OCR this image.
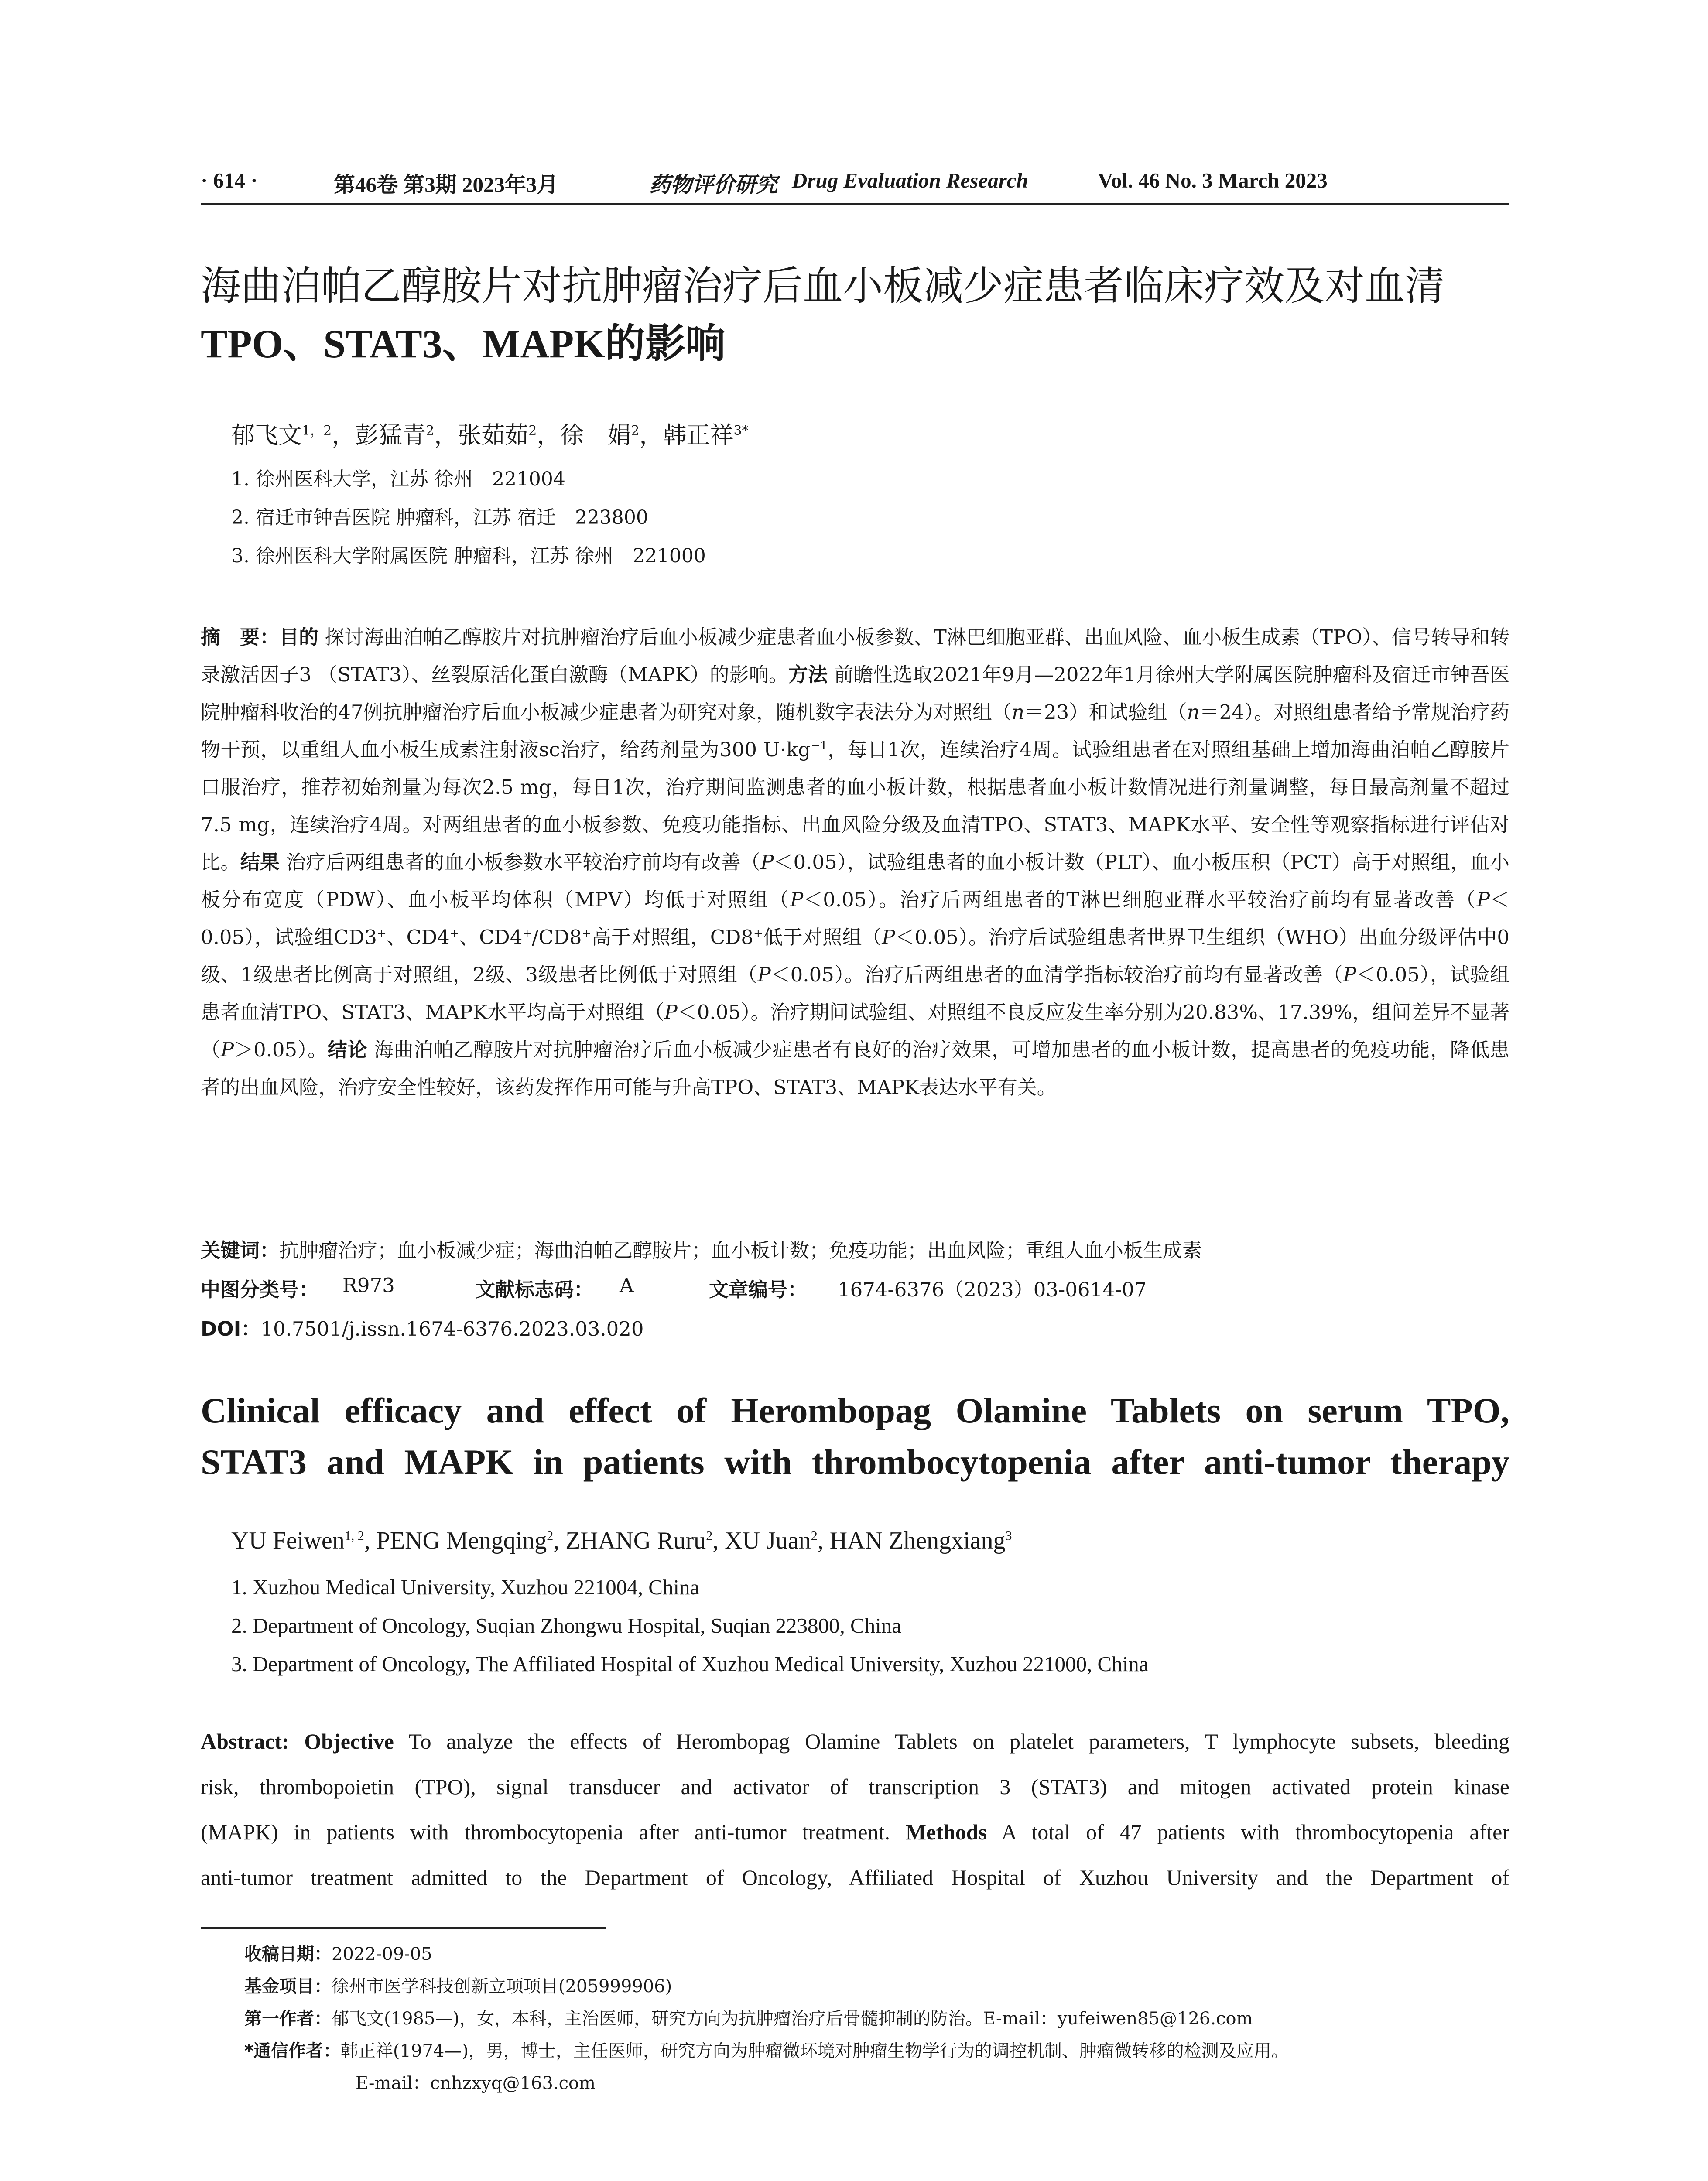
· 614 ·	第46卷 第3期 2023年3月	药物评价研究 Drug Evaluation Research	Vol. 46 No. 3 March 2023
海曲泊帕乙醇胺片对抗肿瘤治疗后血小板减少症患者临床疗效及对血清
TPO、STAT3、MAPK的影响
郁飞文$^{1,2}$，彭猛青$^2$，张茹茹$^2$，徐　娟$^2$，韩正祥$^{3*}$
1. 徐州医科大学，江苏 徐州　221004
2. 宿迁市钟吾医院 肿瘤科，江苏 宿迁　223800
3. 徐州医科大学附属医院 肿瘤科，江苏 徐州　221000

摘　要：目的 探讨海曲泊帕乙醇胺片对抗肿瘤治疗后血小板减少症患者血小板参数、T淋巴细胞亚群、出血风险、血小板生成素（TPO）、信号转导和转录激活因子3 （STAT3）、丝裂原活化蛋白激酶（MAPK）的影响。方法 前瞻性选取2021年9月—2022年1月徐州大学附属医院肿瘤科及宿迁市钟吾医院肿瘤科收治的47例抗肿瘤治疗后血小板减少症患者为研究对象，随机数字表法分为对照组（n＝23）和试验组（n＝24）。对照组患者给予常规治疗药物干预，以重组人血小板生成素注射液sc治疗，给药剂量为300 $U\cdot kg^{-1}$，每日1次，连续治疗4周。试验组患者在对照组基础上增加海曲泊帕乙醇胺片口服治疗，推荐初始剂量为每次2.5 mg，每日1次，治疗期间监测患者的血小板计数，根据患者血小板计数情况进行剂量调整，每日最高剂量不超过7.5 mg，连续治疗4周。对两组患者的血小板参数、免疫功能指标、出血风险分级及血清TPO、STAT3、MAPK水平、安全性等观察指标进行评估对比。结果 治疗后两组患者的血小板参数水平较治疗前均有改善（P＜0.05），试验组患者的血小板计数（PLT）、血小板压积（PCT）高于对照组，血小板分布宽度（PDW）、血小板平均体积（MPV）均低于对照组（P＜0.05）。治疗后两组患者的T淋巴细胞亚群水平较治疗前均有显著改善（P＜0.05），试验组CD3+、CD4+、CD4+/CD8+高于对照组，CD8+低于对照组（P＜0.05）。治疗后试验组患者世界卫生组织（WHO）出血分级评估中0级、1级患者比例高于对照组，2级、3级患者比例低于对照组（P＜0.05）。治疗后两组患者的血清学指标较治疗前均有显著改善（P＜0.05），试验组患者血清TPO、STAT3、MAPK水平均高于对照组（P＜0.05）。治疗期间试验组、对照组不良反应发生率分别为20.83%、17.39%，组间差异不显著（P＞0.05）。结论 海曲泊帕乙醇胺片对抗肿瘤治疗后血小板减少症患者有良好的治疗效果，可增加患者的血小板计数，提高患者的免疫功能，降低患者的出血风险，治疗安全性较好，该药发挥作用可能与升高TPO、STAT3、MAPK表达水平有关。

关键词：抗肿瘤治疗；血小板减少症；海曲泊帕乙醇胺片；血小板计数；免疫功能；出血风险；重组人血小板生成素
中图分类号： R973	文献标志码： A	文章编号： 1674-6376（2023）03-0614-07
DOI：10.7501/j.issn.1674-6376.2023.03.020
Clinical efficacy and effect of Herombopag Olamine Tablets on serum TPO,
STAT3 and MAPK in patients with thrombocytopenia after anti-tumor therapy
YU Feiwen$^{1, 2}$, PENG Mengqing$^2$, ZHANG Ruru$^2$, XU Juan$^2$, HAN Zhengxiang$^3$
1. Xuzhou Medical University, Xuzhou 221004, China
2. Department of Oncology, Suqian Zhongwu Hospital, Suqian 223800, China
3. Department of Oncology, The Affiliated Hospital of Xuzhou Medical University, Xuzhou 221000, China
Abstract: Objective To analyze the effects of Herombopag Olamine Tablets on platelet parameters, T lymphocyte subsets, bleeding
risk, thrombopoietin (TPO), signal transducer and activator of transcription 3 (STAT3) and mitogen activated protein kinase
(MAPK) in patients with thrombocytopenia after anti-tumor treatment. Methods A total of 47 patients with thrombocytopenia after
anti-tumor treatment admitted to the Department of Oncology, Affiliated Hospital of Xuzhou University and the Department of
收稿日期：2022-09-05
基金项目：徐州市医学科技创新立项项目(205999906)
第一作者：郁飞文(1985—)，女，本科，主治医师，研究方向为抗肿瘤治疗后骨髓抑制的防治。E-mail：yufeiwen85@126.com
*通信作者：韩正祥(1974—)，男，博士，主任医师，研究方向为肿瘤微环境对肿瘤生物学行为的调控机制、肿瘤微转移的检测及应用。
E-mail：cnhzxyq@163.com
